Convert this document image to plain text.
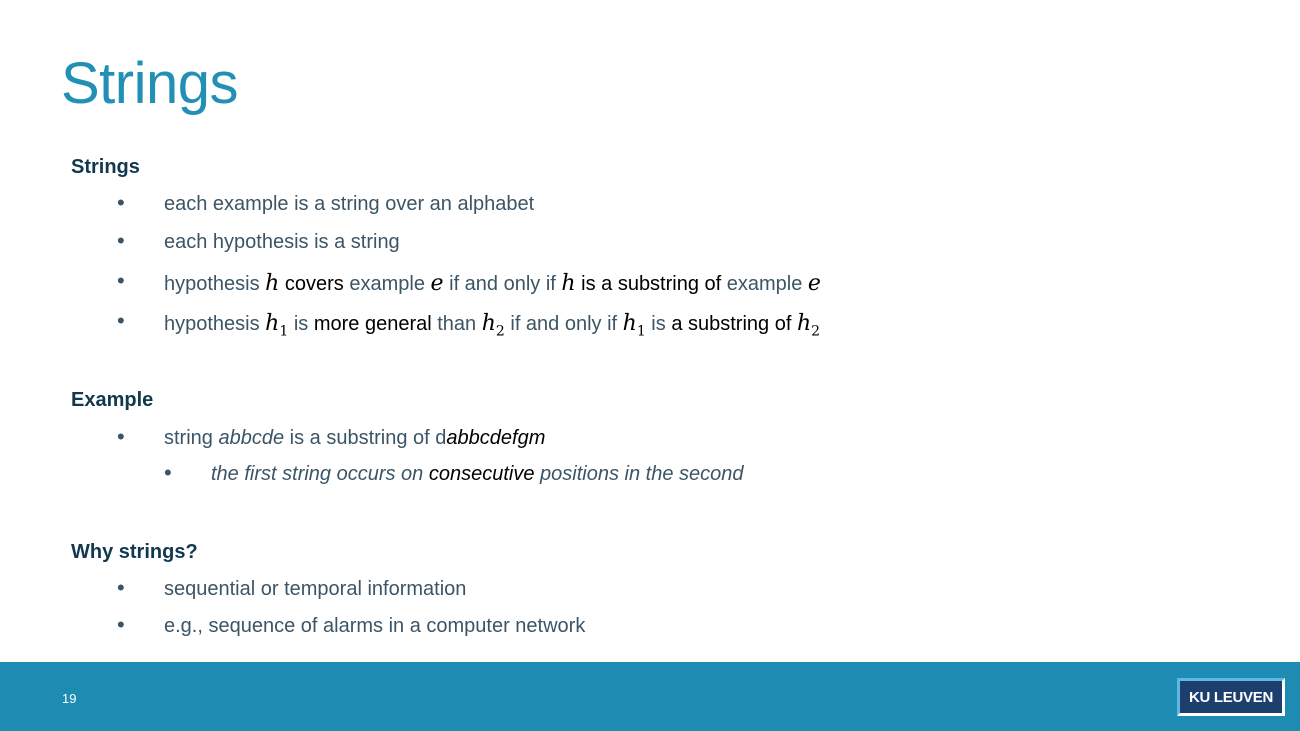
Strings
Strings
• each example is a string over an alphabet
• each hypothesis is a string
• hypothesis h covers example e if and only if h is a substring of example e
• hypothesis $h_1$ is more general than $h_2$ if and only if $h_1$ is a substring of $h_2$
Example
• string abbcde is a substring of dabbcdefgm
• the first string occurs on consecutive positions in the second
Why strings?
• sequential or temporal information
• e.g., sequence of alarms in a computer network
19	KU LEUVEN
